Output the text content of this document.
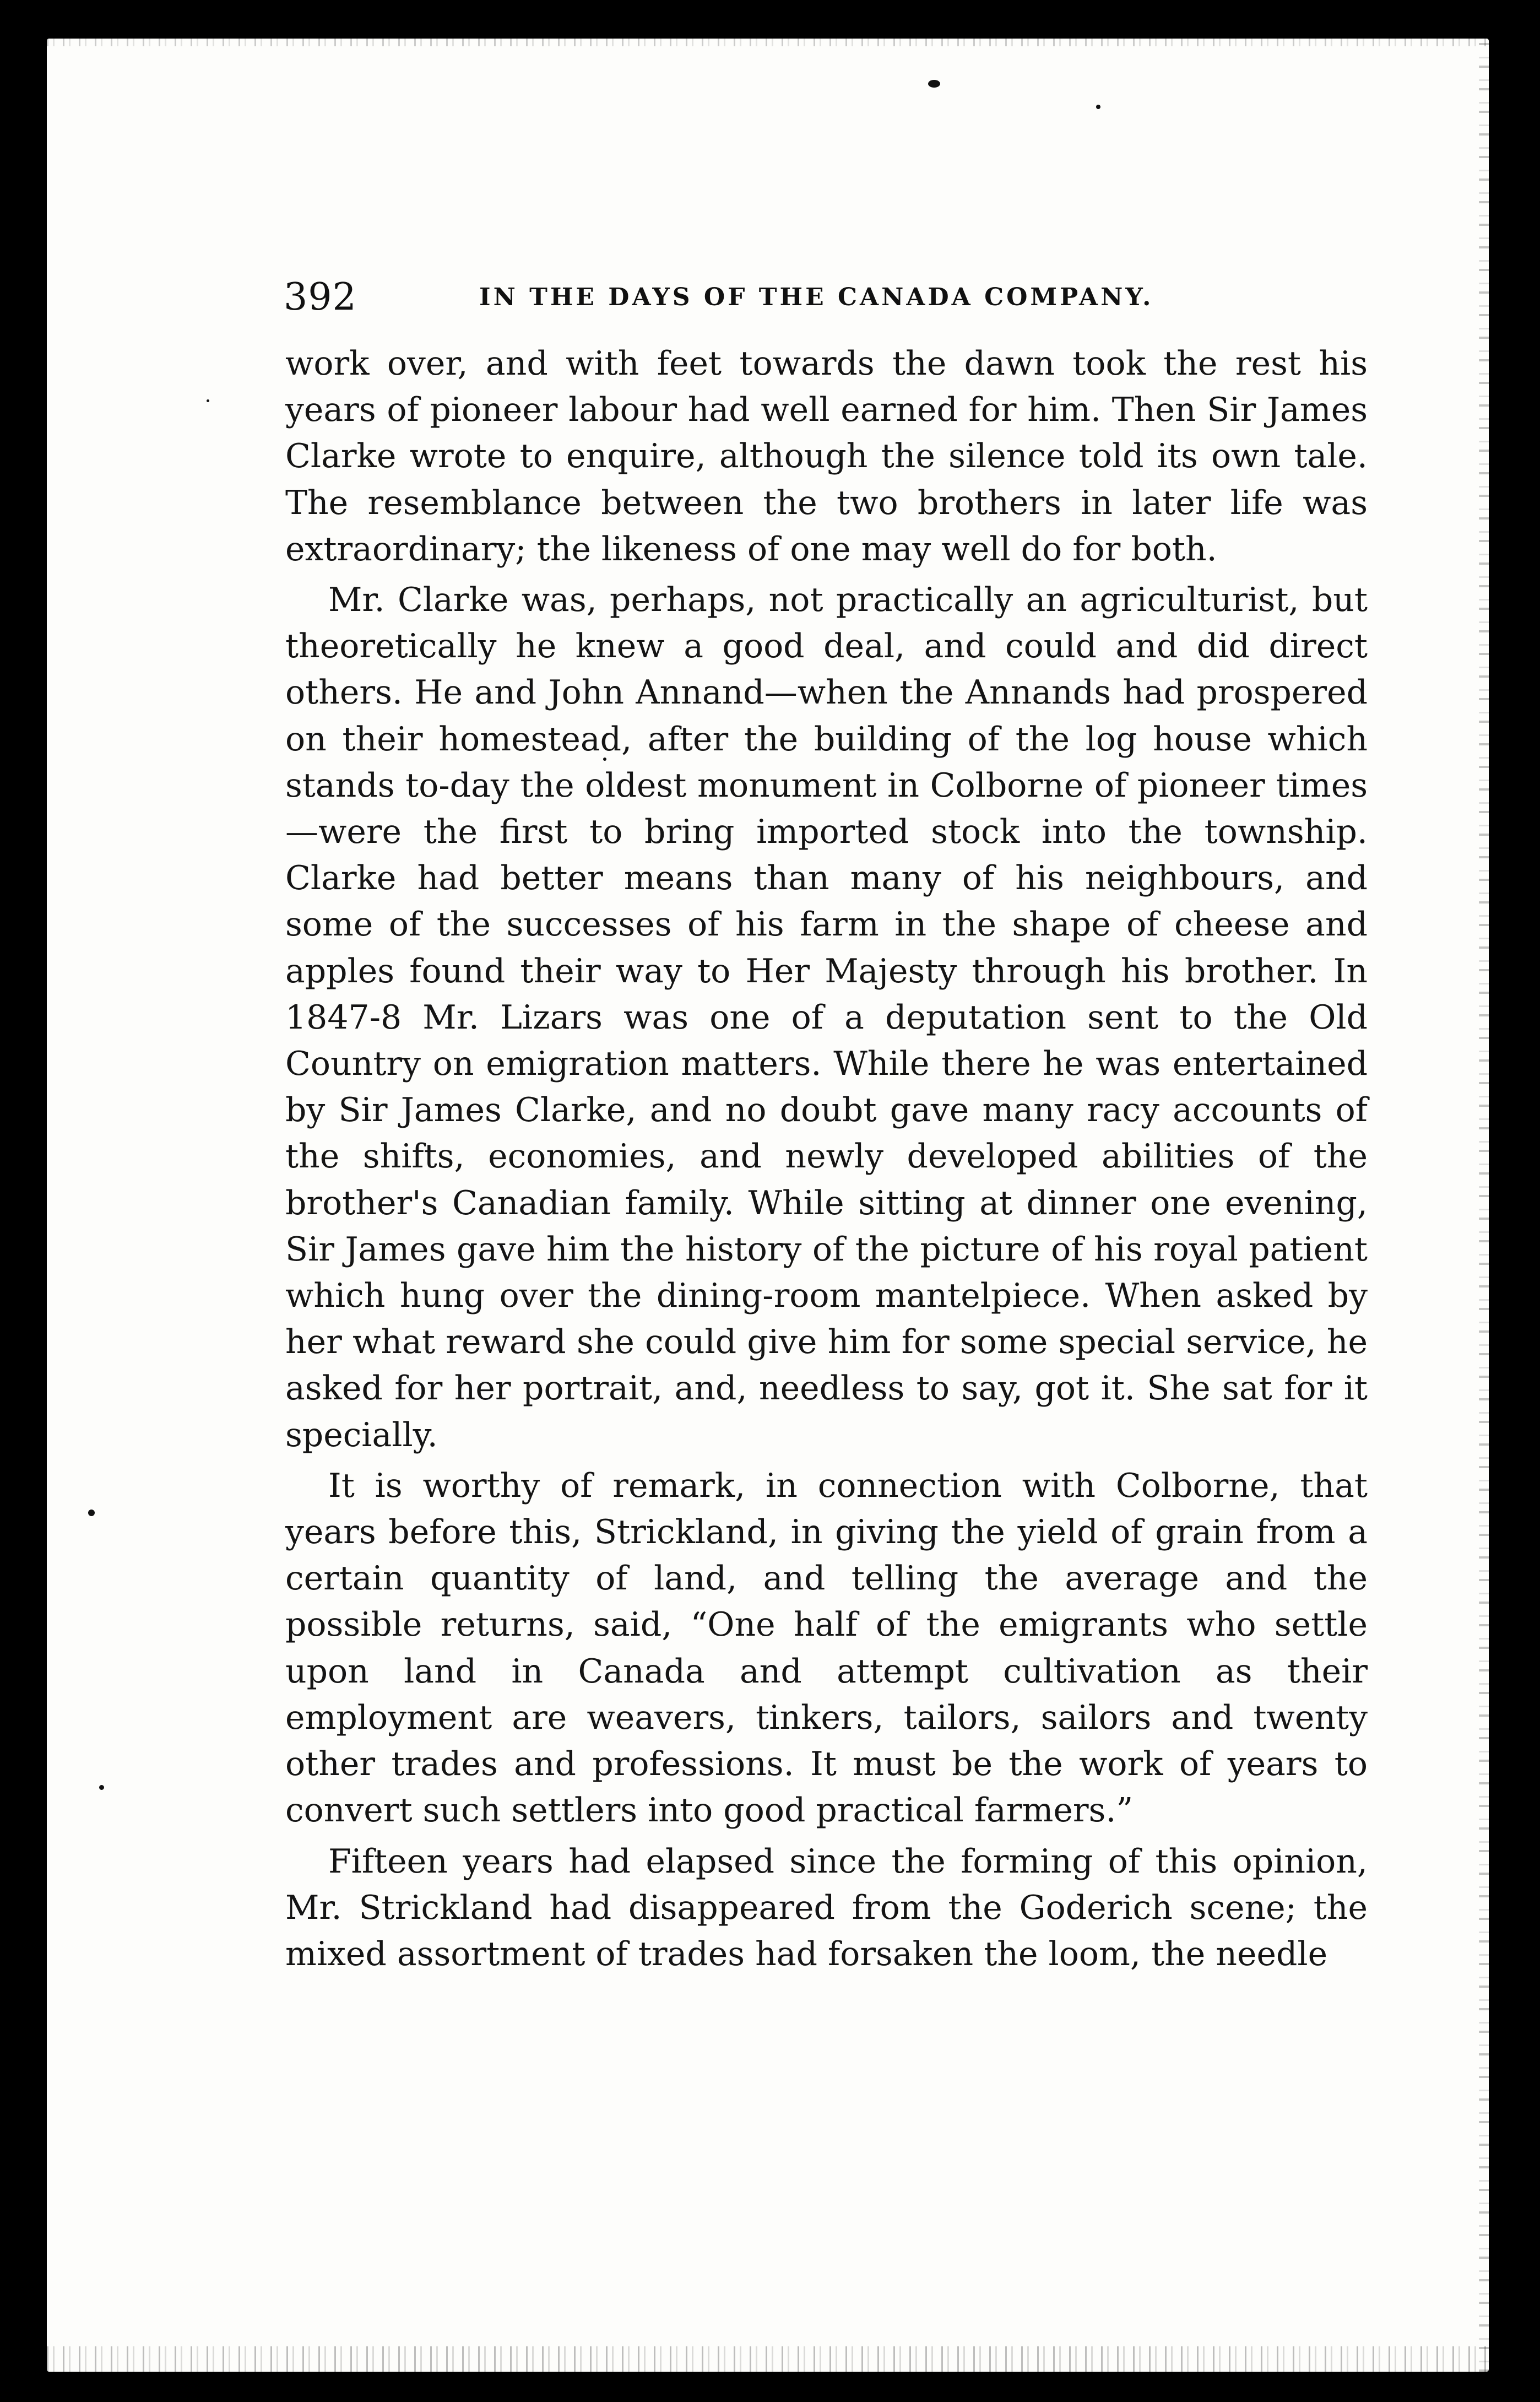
392	IN THE DAYS OF THE CANADA COMPANY.

work over, and with feet towards the dawn took the rest his years of pioneer labour had well earned for him. Then Sir James Clarke wrote to enquire, although the silence told its own tale. The resemblance between the two brothers in later life was extraordinary; the likeness of one may well do for both.

Mr. Clarke was, perhaps, not practically an agriculturist, but theoretically he knew a good deal, and could and did direct others. He and John Annand—when the Annands had prospered on their homestead, after the building of the log house which stands to-day the oldest monument in Colborne of pioneer times—were the first to bring imported stock into the township. Clarke had better means than many of his neighbours, and some of the successes of his farm in the shape of cheese and apples found their way to Her Majesty through his brother. In 1847-8 Mr. Lizars was one of a deputation sent to the Old Country on emigration matters. While there he was entertained by Sir James Clarke, and no doubt gave many racy accounts of the shifts, economies, and newly developed abilities of the brother's Canadian family. While sitting at dinner one evening, Sir James gave him the history of the picture of his royal patient which hung over the dining-room mantelpiece. When asked by her what reward she could give him for some special service, he asked for her portrait, and, needless to say, got it. She sat for it specially.

It is worthy of remark, in connection with Colborne, that years before this, Strickland, in giving the yield of grain from a certain quantity of land, and telling the average and the possible returns, said, “One half of the emigrants who settle upon land in Canada and attempt cultivation as their employment are weavers, tinkers, tailors, sailors and twenty other trades and professions. It must be the work of years to convert such settlers into good practical farmers.”

Fifteen years had elapsed since the forming of this opinion, Mr. Strickland had disappeared from the Goderich scene; the mixed assortment of trades had forsaken the loom, the needle
